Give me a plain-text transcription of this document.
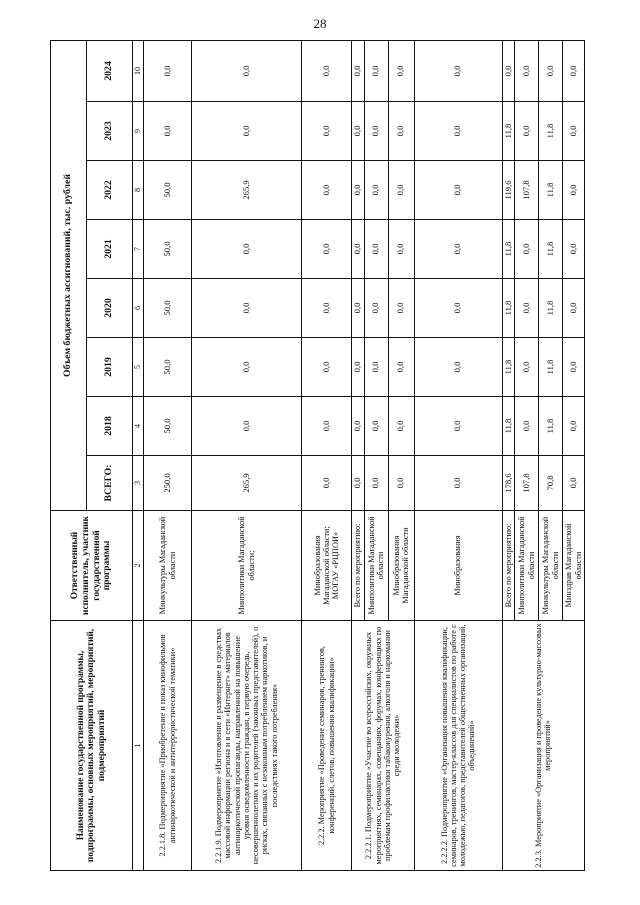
28
Наименование государственной программы, подпрограммы, основных мероприятий, мероприятий, подмероприятий	Ответственный исполнитель, участник государственной программы	Объем бюджетных ассигнований, тыс. рублей							
		ВСЕГО:	2018	2019	2020	2021	2022	2023	2024
1	2	3	4	5	6	7	8	9	10
2.2.1.8. Подмероприятие «Приобретение и показ кинофильмов антинаркотической и антитеррористической тематики»	Минкультуры Магаданской области	250,0	50,0	50,0	50,0	50,0	50,0	0,0	0,0
2.2.1.9. Подмероприятие «Изготовление и размещение в средствах массовой информации региона и в сети «Интернет» материалов антинаркотической пропаганды, направленной на повышение уровня осведомленности граждан, в первую очередь, несовершеннолетних и их родителей (законных представителей), о рисках, связанных с незаконным потреблением наркотиков, и последствиях такого потребления»	Минполитики Магаданской области;	265,9	0,0	0,0	0,0	0,0	265,9	0,0	0,0
2.2.2. Мероприятие «Проведение семинаров, тренингов, конференций, слетов, повышения квалификации»	Минобразования Магаданской области; МОГАУ «РЦПОИ»	0,0	0,0	0,0	0,0	0,0	0,0	0,0	0,0
2.2.2.1. Подмероприятие «Участие во всероссийских, окружных мероприятиях, семинарах, совещаниях, форумах, конференциях по проблемам профилактики табакокурения, алкоголя и наркомании среди молодежи»	Всего по мероприятию:	0,0	0,0	0,0	0,0	0,0	0,0	0,0	0,0
	Минполитики Магаданской области	0,0	0,0	0,0	0,0	0,0	0,0	0,0	0,0
	Минобразования Магаданской области	0,0	0,0	0,0	0,0	0,0	0,0	0,0	0,0
2.2.2.2. Подмероприятие «Организация повышения квалификации, семинаров, тренингов, мастер-классов для специалистов по работе с молодежью, педагогов, представителей общественных организаций, объединений»	Минобразования	0,0	0,0	0,0	0,0	0,0	0,0	0,0	0,0
2.2.3. Мероприятие «Организация и проведение культурно-массовых мероприятий»	Всего по мероприятию:	178,6	11,8	11,8	11,8	11,8	119,6	11,8	0,0
	Минполитики Магаданской области	107,8	0,0	0,0	0,0	0,0	107,8	0,0	0,0
	Минкультуры Магаданской области	70,8	11,8	11,8	11,8	11,8	11,8	11,8	0,0
	Минздрав Магаданской области	0,0	0,0	0,0	0,0	0,0	0,0	0,0	0,0
